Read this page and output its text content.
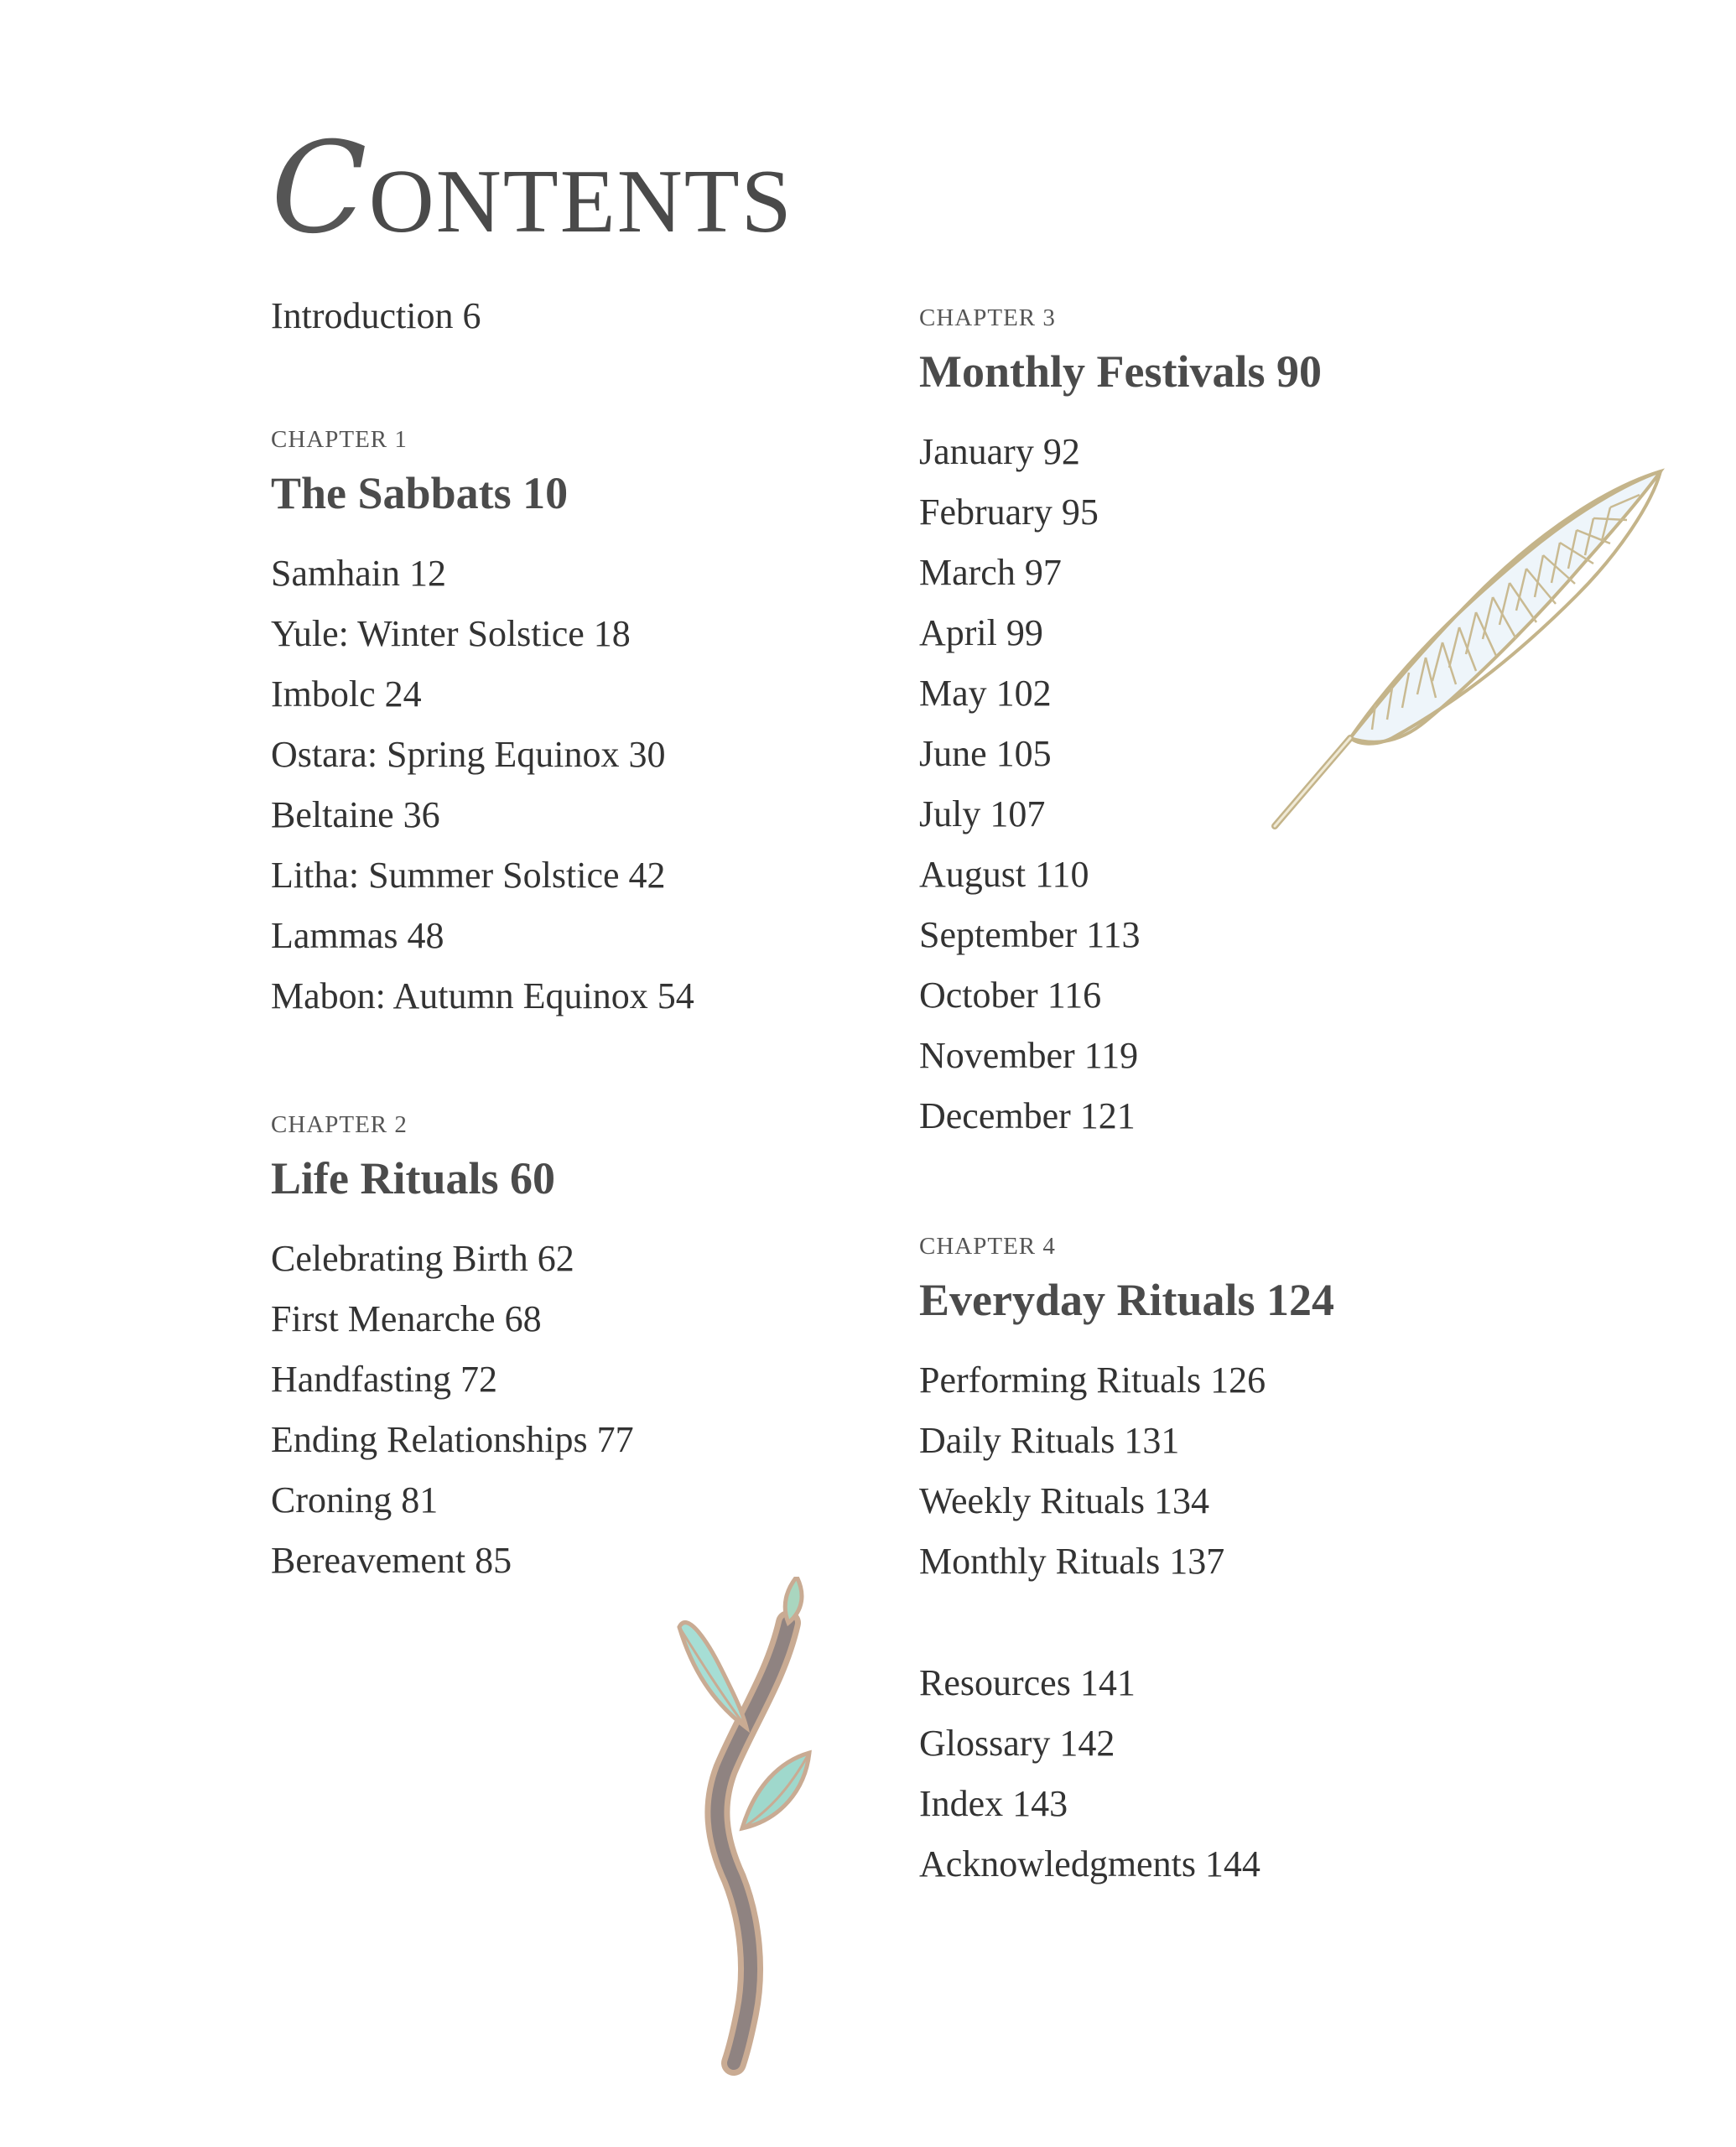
CONTENTS
Introduction 6
CHAPTER 1
The Sabbats 10
Samhain 12
Yule: Winter Solstice 18
Imbolc 24
Ostara: Spring Equinox 30
Beltaine 36
Litha: Summer Solstice 42
Lammas 48
Mabon: Autumn Equinox 54
CHAPTER 2
Life Rituals 60
Celebrating Birth 62
First Menarche 68
Handfasting 72
Ending Relationships 77
Croning 81
Bereavement 85
CHAPTER 3
Monthly Festivals 90
January 92
February 95
March 97
April 99
May 102
June 105
July 107
August 110
September 113
October 116
November 119
December 121
CHAPTER 4
Everyday Rituals 124
Performing Rituals 126
Daily Rituals 131
Weekly Rituals 134
Monthly Rituals 137
Resources 141
Glossary 142
Index 143
Acknowledgments 144
